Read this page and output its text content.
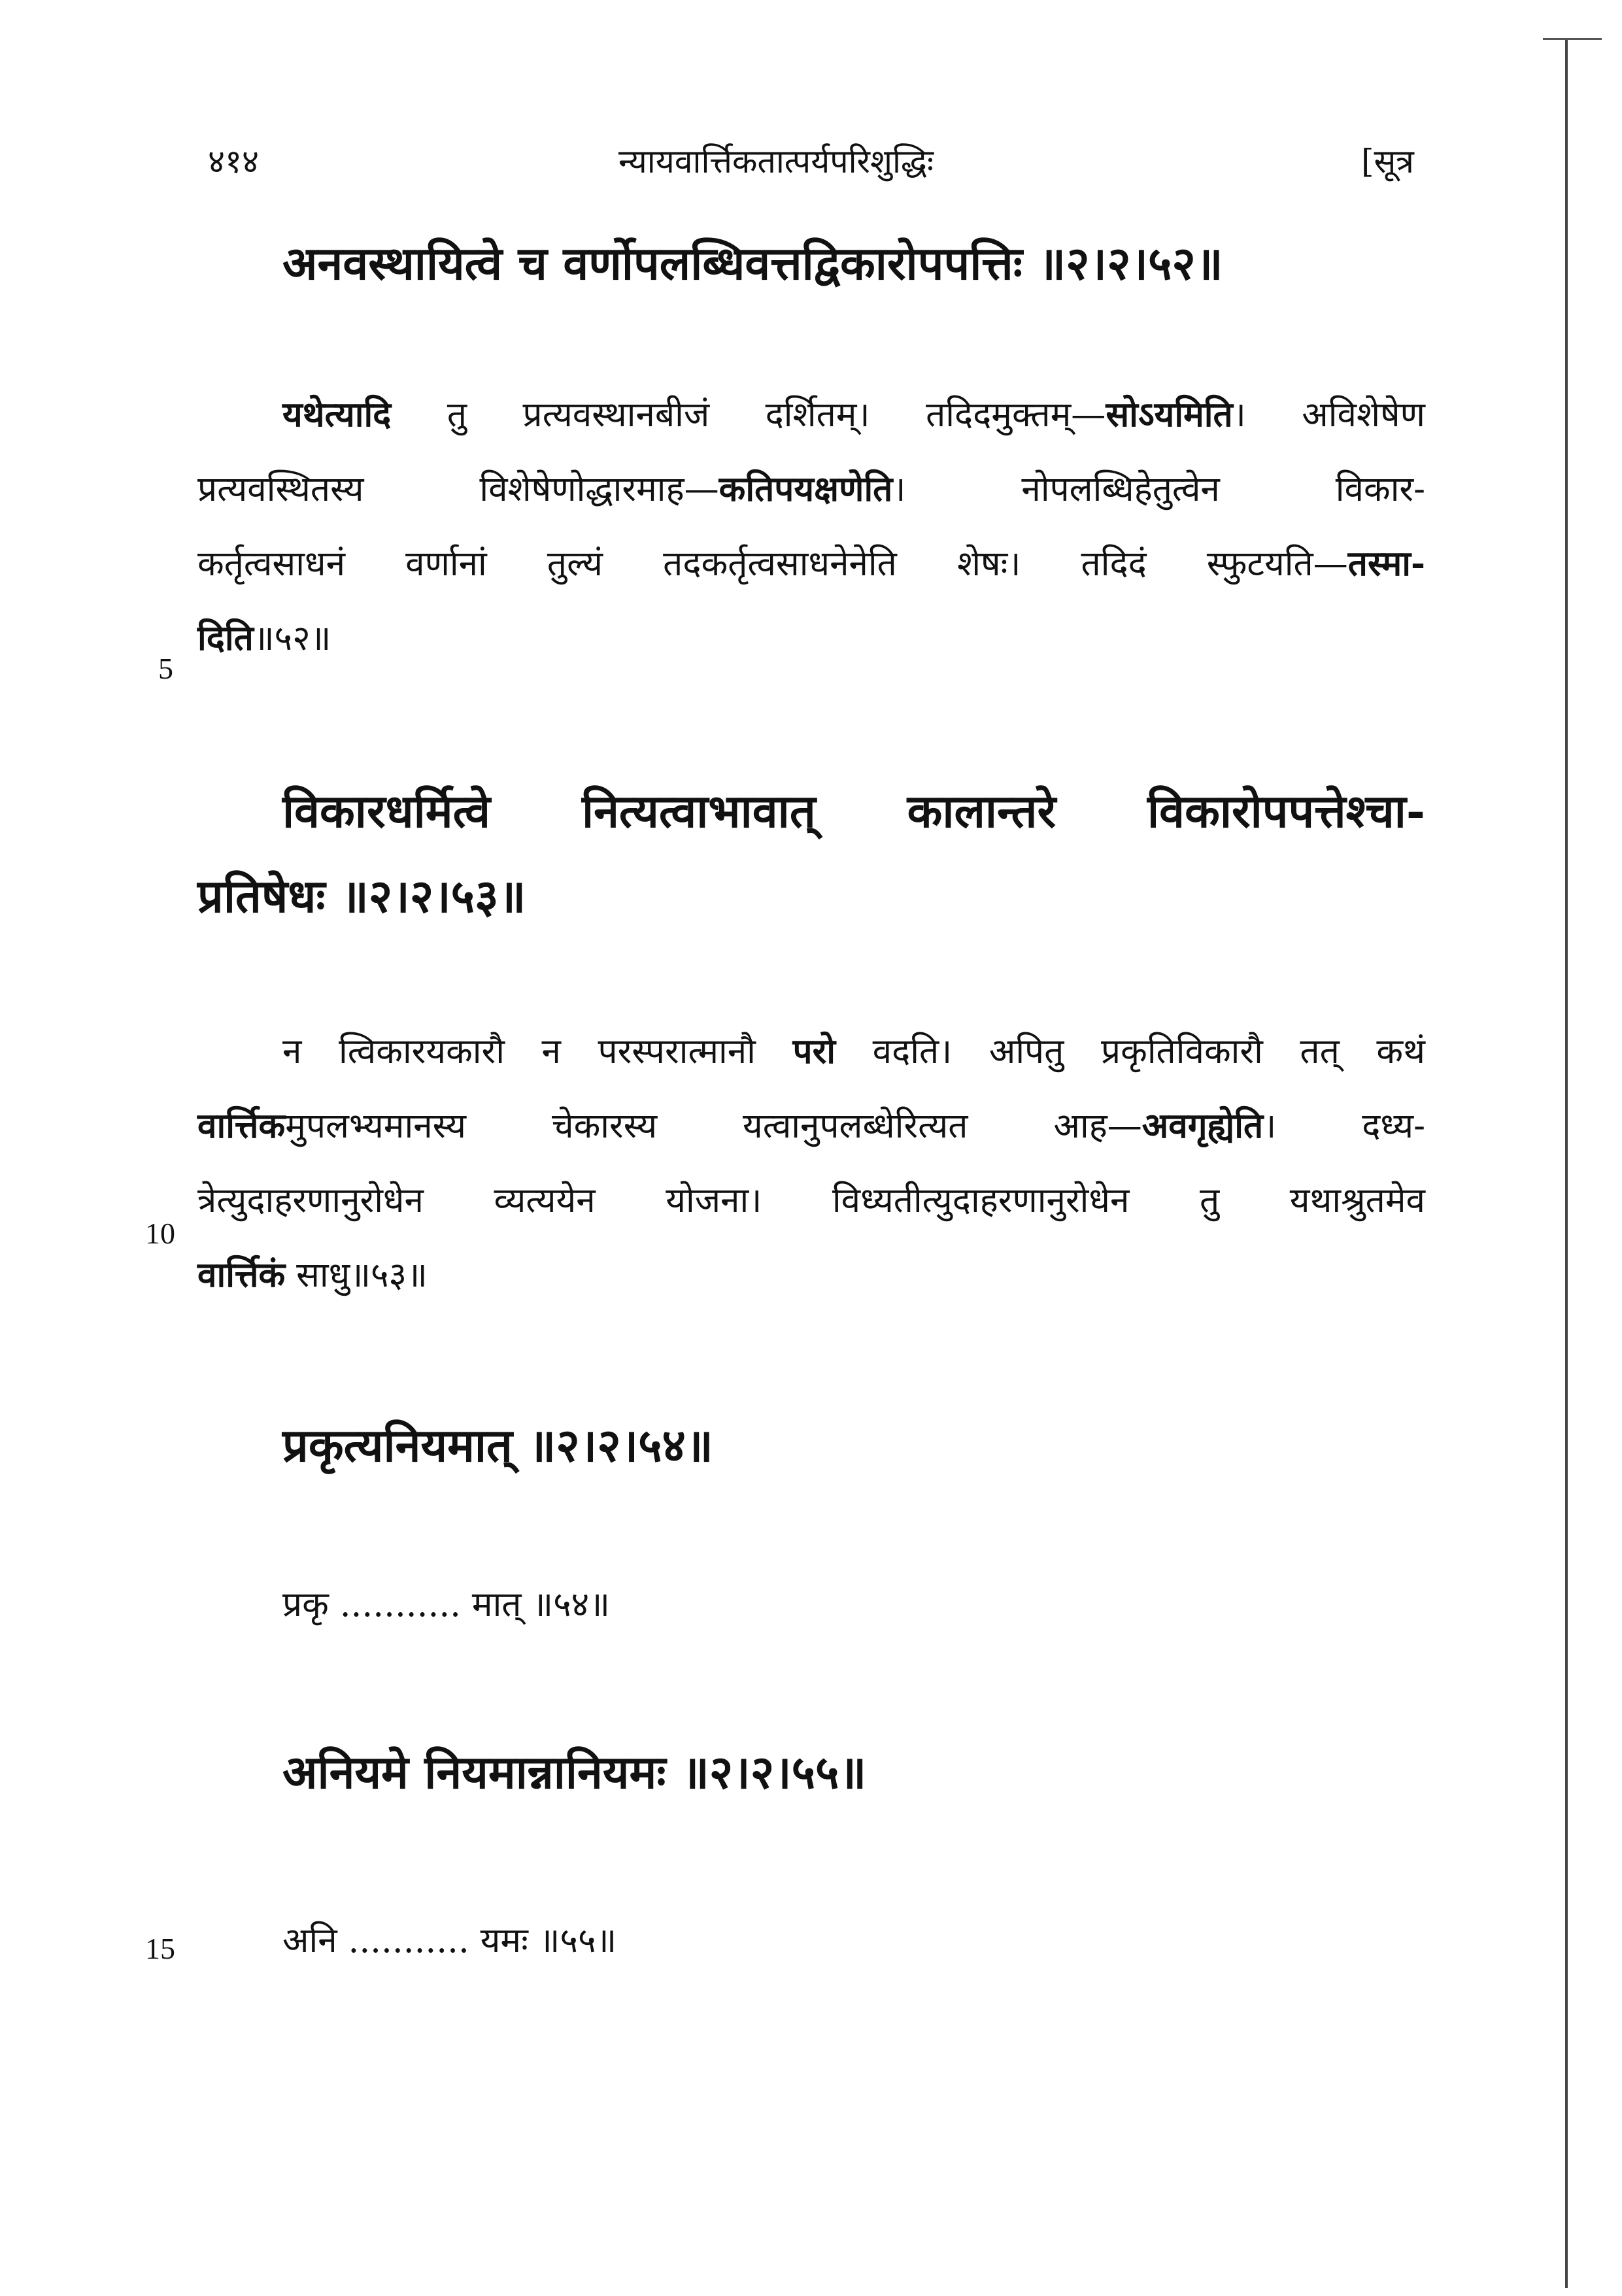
४१४	न्यायवार्त्तिकतात्पर्यपरिशुद्धिः	[सूत्र
अनवस्थायित्वे च वर्णोपलब्धिवत्तद्विकारोपपत्तिः ॥२।२।५२॥
यथेत्यादि तु प्रत्यवस्थानबीजं दर्शितम्। तदिदमुक्तम्—सोऽयमिति। अविशेषेण
प्रत्यवस्थितस्य विशेषेणोद्धारमाह—कतिपयक्षणेति। नोपलब्धिहेतुत्वेन विकार-
कर्तृत्वसाधनं वर्णानां तुल्यं तदकर्तृत्वसाधनेनेति शेषः। तदिदं स्फुटयति—तस्मा-
दिति॥५२॥
5
विकारधर्मित्वे नित्यत्वाभावात् कालान्तरे विकारोपपत्तेश्चा-
प्रतिषेधः ॥२।२।५३॥
न त्विकारयकारौ न परस्परात्मानौ परो वदति। अपितु प्रकृतिविकारौ तत् कथं
वार्त्तिकमुपलभ्यमानस्य चेकारस्य यत्वानुपलब्धेरित्यत आह—अवगृह्येति। दध्य-
त्रेत्युदाहरणानुरोधेन व्यत्ययेन योजना। विध्यतीत्युदाहरणानुरोधेन तु यथाश्रुतमेव
वार्त्तिकं साधु॥५३॥
10
प्रकृत्यनियमात् ॥२।२।५४॥
प्रकृ ........... मात् ॥५४॥
अनियमे नियमान्नानियमः ॥२।२।५५॥
15	अनि ........... यमः ॥५५॥
